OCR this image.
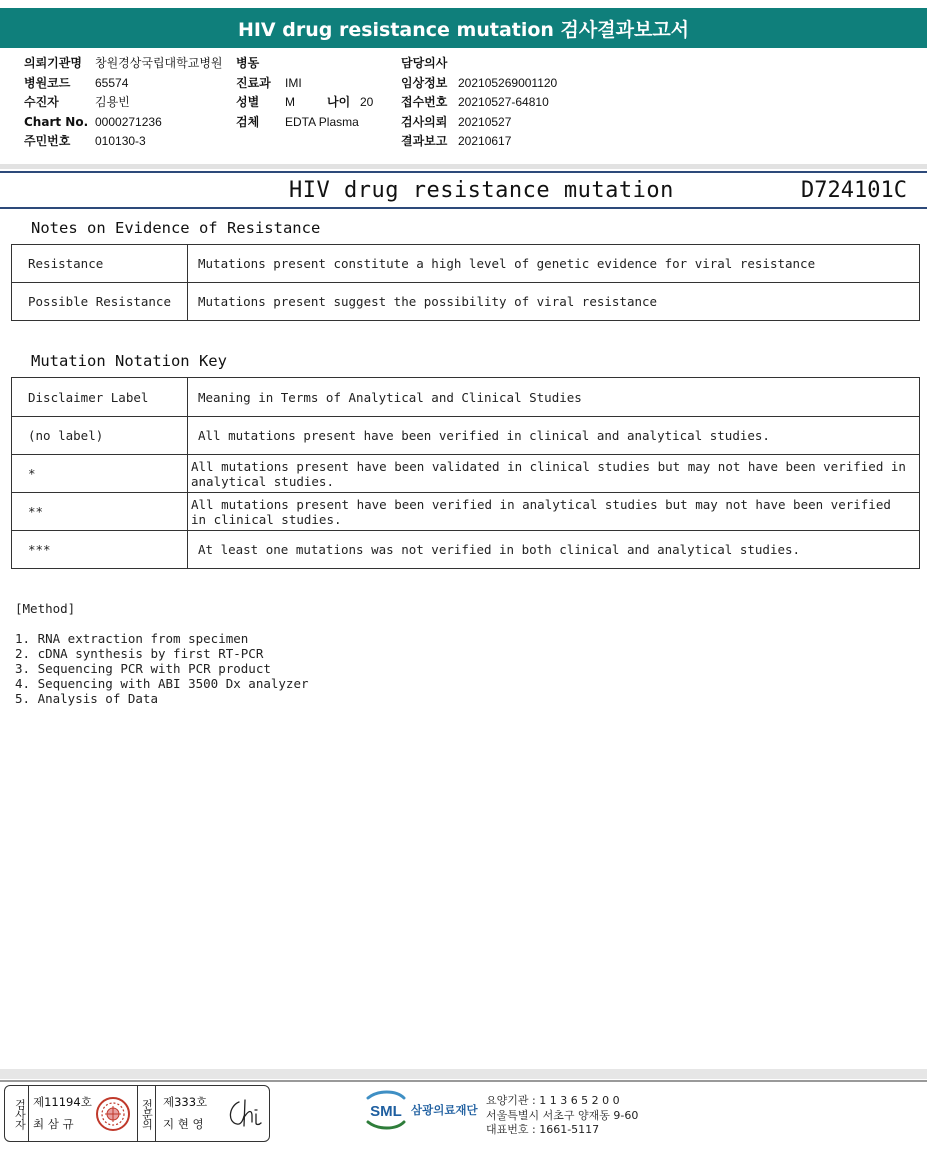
HIV drug resistance mutation 검사결과보고서
의뢰기관명	창원경상국립대학교병원
병원코드	65574
수진자	김용빈
Chart No. 0000271236
주민번호	010130-3
병동
진료과	IMI
성별	M	나이 20
검체	EDTA Plasma
담당의사
임상정보 202105269001120
접수번호 20210527-64810
검사의뢰 20210527
결과보고 20210617
HIV drug resistance mutation	D724101C
Notes on Evidence of Resistance
Resistance	Mutations present constitute a high level of genetic evidence for viral resistance
Possible Resistance	Mutations present suggest the possibility of viral resistance
Mutation Notation Key
Disclaimer Label	Meaning in Terms of Analytical and Clinical Studies
(no label)	All mutations present have been verified in clinical and analytical studies.
*	All mutations present have been validated in clinical studies but may not have been verified in analytical studies.
**	All mutations present have been verified in analytical studies but may not have been verified in clinical studies.
***	At least one mutations was not verified in both clinical and analytical studies.
[Method]
1. RNA extraction from specimen
2. cDNA synthesis by first RT-PCR
3. Sequencing PCR with PCR product
4. Sequencing with ABI 3500 Dx analyzer
5. Analysis of Data
검사자 제11194호
최 삼 규	전문의 제333호
지 현 영
SML 삼광의료재단
요양기관 : 1 1 3 6 5 2 0 0
서울특별시 서초구 양재동 9-60
대표번호 : 1661-5117
